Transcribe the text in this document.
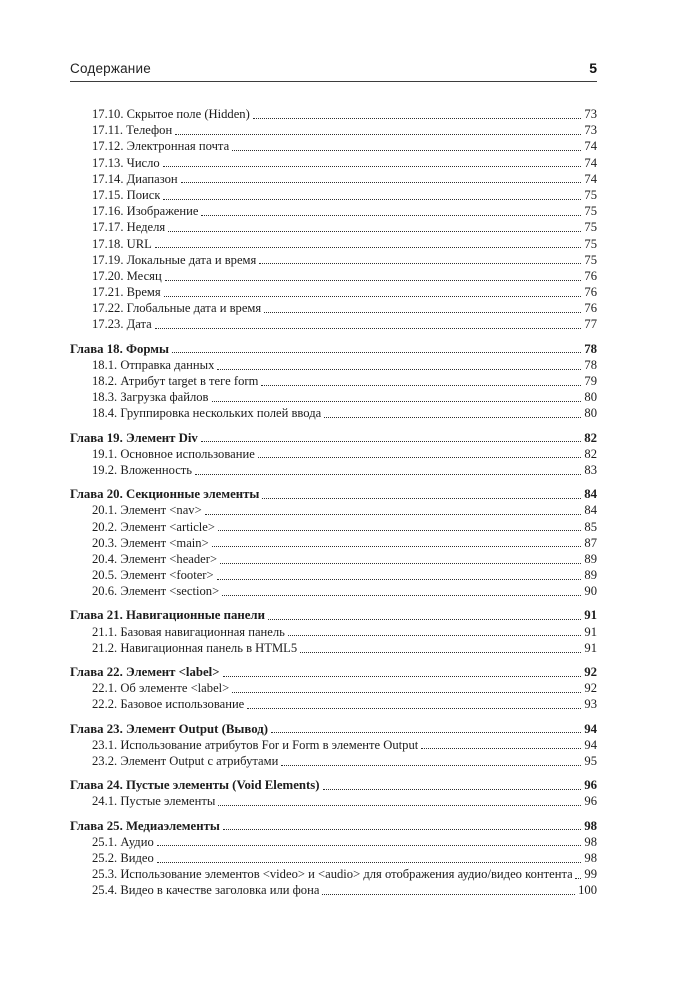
Содержание	5
17.10. Скрытое поле (Hidden)	73
17.11. Телефон	73
17.12. Электронная почта	74
17.13. Число	74
17.14. Диапазон	74
17.15. Поиск	75
17.16. Изображение	75
17.17. Неделя	75
17.18. URL	75
17.19. Локальные дата и время	75
17.20. Месяц	76
17.21. Время	76
17.22. Глобальные дата и время	76
17.23. Дата	77
Глава 18. Формы	78
18.1. Отправка данных	78
18.2. Атрибут target в теге form	79
18.3. Загрузка файлов	80
18.4. Группировка нескольких полей ввода	80
Глава 19. Элемент Div	82
19.1. Основное использование	82
19.2. Вложенность	83
Глава 20. Секционные элементы	84
20.1. Элемент <nav>	84
20.2. Элемент <article>	85
20.3. Элемент <main>	87
20.4. Элемент <header>	89
20.5. Элемент <footer>	89
20.6. Элемент <section>	90
Глава 21. Навигационные панели	91
21.1. Базовая навигационная панель	91
21.2. Навигационная панель в HTML5	91
Глава 22. Элемент <label>	92
22.1. Об элементе <label>	92
22.2. Базовое использование	93
Глава 23. Элемент Output (Вывод)	94
23.1. Использование атрибутов For и Form в элементе Output	94
23.2. Элемент Output с атрибутами	95
Глава 24. Пустые элементы (Void Elements)	96
24.1. Пустые элементы	96
Глава 25. Медиаэлементы	98
25.1. Аудио	98
25.2. Видео	98
25.3. Использование элементов <video> и <audio> для отображения аудио/видео контента 99
25.4. Видео в качестве заголовка или фона	100
